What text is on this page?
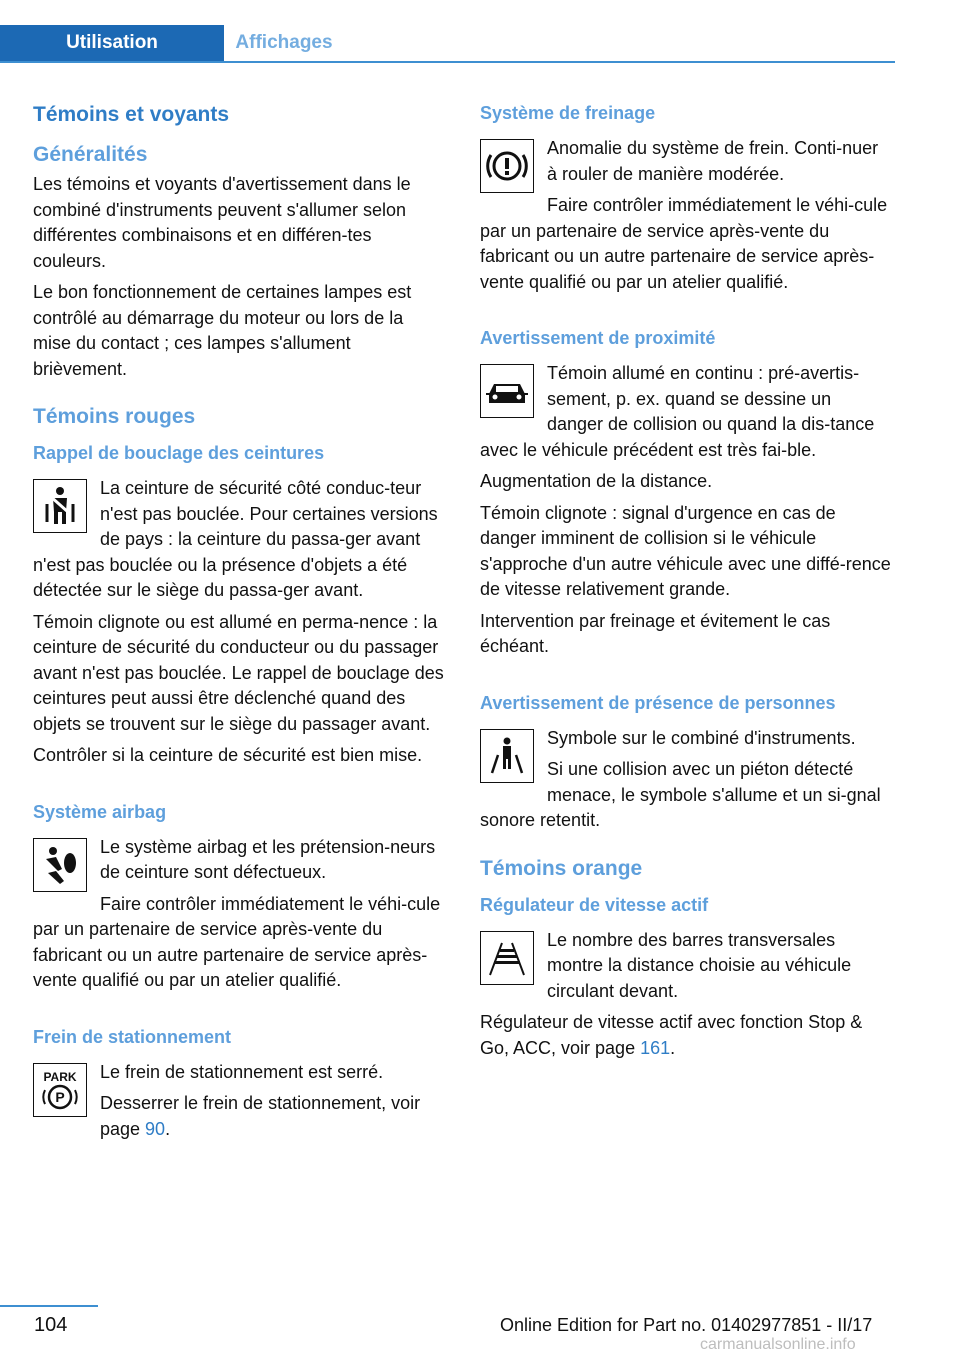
Utilisation	Affichages
Témoins et voyants
Généralités

Les témoins et voyants d'avertissement dans le combiné d'instruments peuvent s'allumer selon différentes combinaisons et en différen‐tes couleurs.

Le bon fonctionnement de certaines lampes est contrôlé au démarrage du moteur ou lors de la mise du contact ; ces lampes s'allument brièvement.

Témoins rouges
Rappel de bouclage des ceintures

La ceinture de sécurité côté conduc‐teur n'est pas bouclée. Pour certaines versions de pays : la ceinture du passa‐ger avant n'est pas bouclée ou la présence d'objets a été détectée sur le siège du passa‐ger avant.

Témoin clignote ou est allumé en perma‐nence : la ceinture de sécurité du conducteur ou du passager avant n'est pas bouclée. Le rappel de bouclage des ceintures peut aussi être déclenché quand des objets se trouvent sur le siège du passager avant.

Contrôler si la ceinture de sécurité est bien mise.

Système airbag

Le système airbag et les prétension‐neurs de ceinture sont défectueux.

Faire contrôler immédiatement le véhi‐cule par un partenaire de service après-vente du fabricant ou un autre partenaire de service après-vente qualifié ou par un atelier qualifié.

Frein de stationnement
PARK
P

Le frein de stationnement est serré.

Desserrer le frein de stationnement, voir page 90.

Système de freinage

Anomalie du système de frein. Conti‐nuer à rouler de manière modérée.

Faire contrôler immédiatement le véhi‐cule par un partenaire de service après-vente du fabricant ou un autre partenaire de service après-vente qualifié ou par un atelier qualifié.

Avertissement de proximité

Témoin allumé en continu : pré-avertis‐sement, p. ex. quand se dessine un danger de collision ou quand la dis‐tance avec le véhicule précédent est très fai‐ble.

Augmentation de la distance.

Témoin clignote : signal d'urgence en cas de danger imminent de collision si le véhicule s'approche d'un autre véhicule avec une diffé‐rence de vitesse relativement grande.

Intervention par freinage et évitement le cas échéant.

Avertissement de présence de personnes

Symbole sur le combiné d'instruments.

Si une collision avec un piéton détecté menace, le symbole s'allume et un si‐gnal sonore retentit.

Témoins orange
Régulateur de vitesse actif

Le nombre des barres transversales montre la distance choisie au véhicule circulant devant.

Régulateur de vitesse actif avec fonction Stop & Go, ACC, voir page 161.

104	Online Edition for Part no. 01402977851 - II/17
carmanualsonline.info
